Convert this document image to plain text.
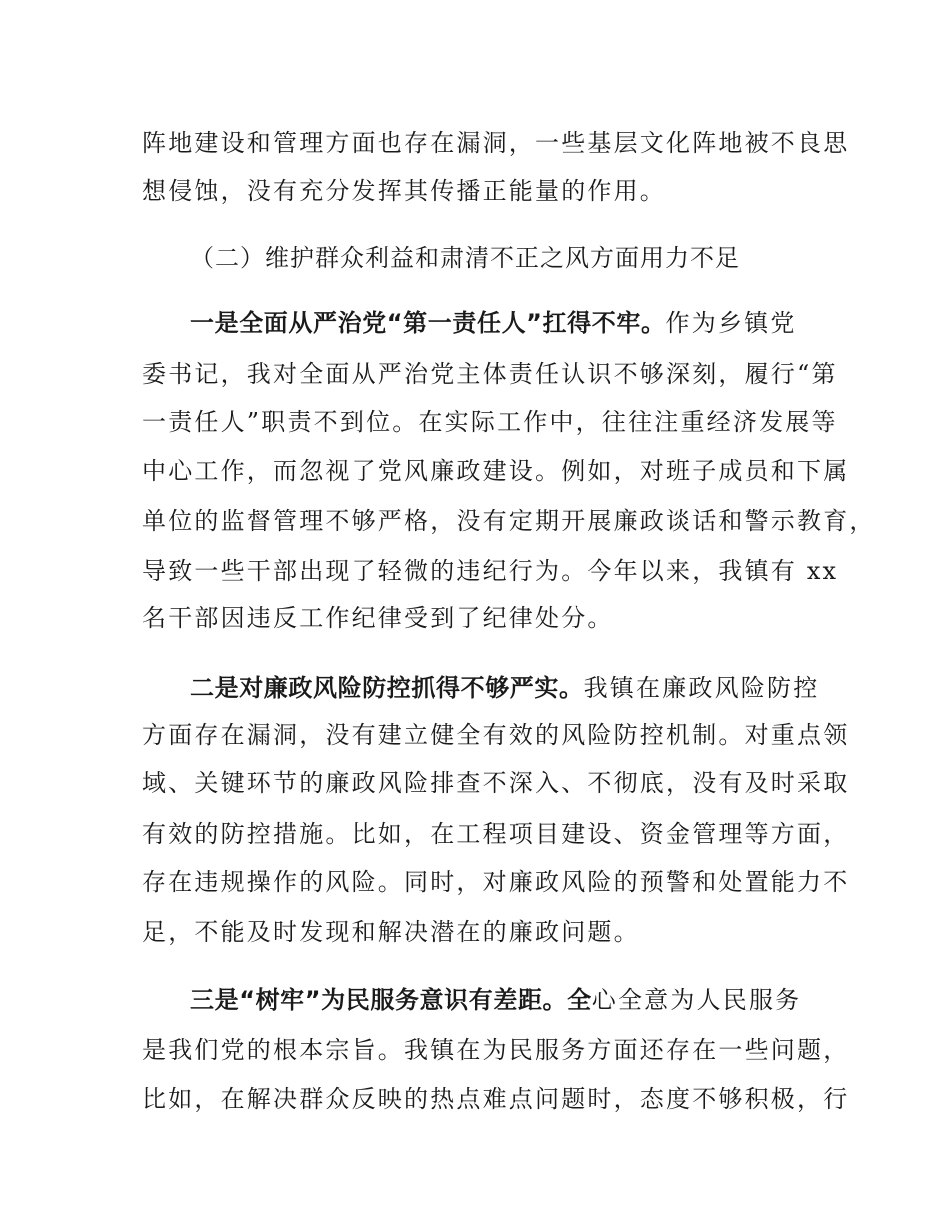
阵地建设和管理方面也存在漏洞，一些基层文化阵地被不良思
想侵蚀，没有充分发挥其传播正能量的作用。
（二）维护群众利益和肃清不正之风方面用力不足
一是全面从严治党“第一责任人”扛得不牢。作为乡镇党
委书记，我对全面从严治党主体责任认识不够深刻，履行“第
一责任人”职责不到位。在实际工作中，往往注重经济发展等
中心工作，而忽视了党风廉政建设。例如，对班子成员和下属
单位的监督管理不够严格，没有定期开展廉政谈话和警示教育，
导致一些干部出现了轻微的违纪行为。今年以来，我镇有 xx
名干部因违反工作纪律受到了纪律处分。
二是对廉政风险防控抓得不够严实。我镇在廉政风险防控
方面存在漏洞，没有建立健全有效的风险防控机制。对重点领
域、关键环节的廉政风险排查不深入、不彻底，没有及时采取
有效的防控措施。比如，在工程项目建设、资金管理等方面，
存在违规操作的风险。同时，对廉政风险的预警和处置能力不
足，不能及时发现和解决潜在的廉政问题。
三是“树牢”为民服务意识有差距。全心全意为人民服务
是我们党的根本宗旨。我镇在为民服务方面还存在一些问题，
比如，在解决群众反映的热点难点问题时，态度不够积极，行
